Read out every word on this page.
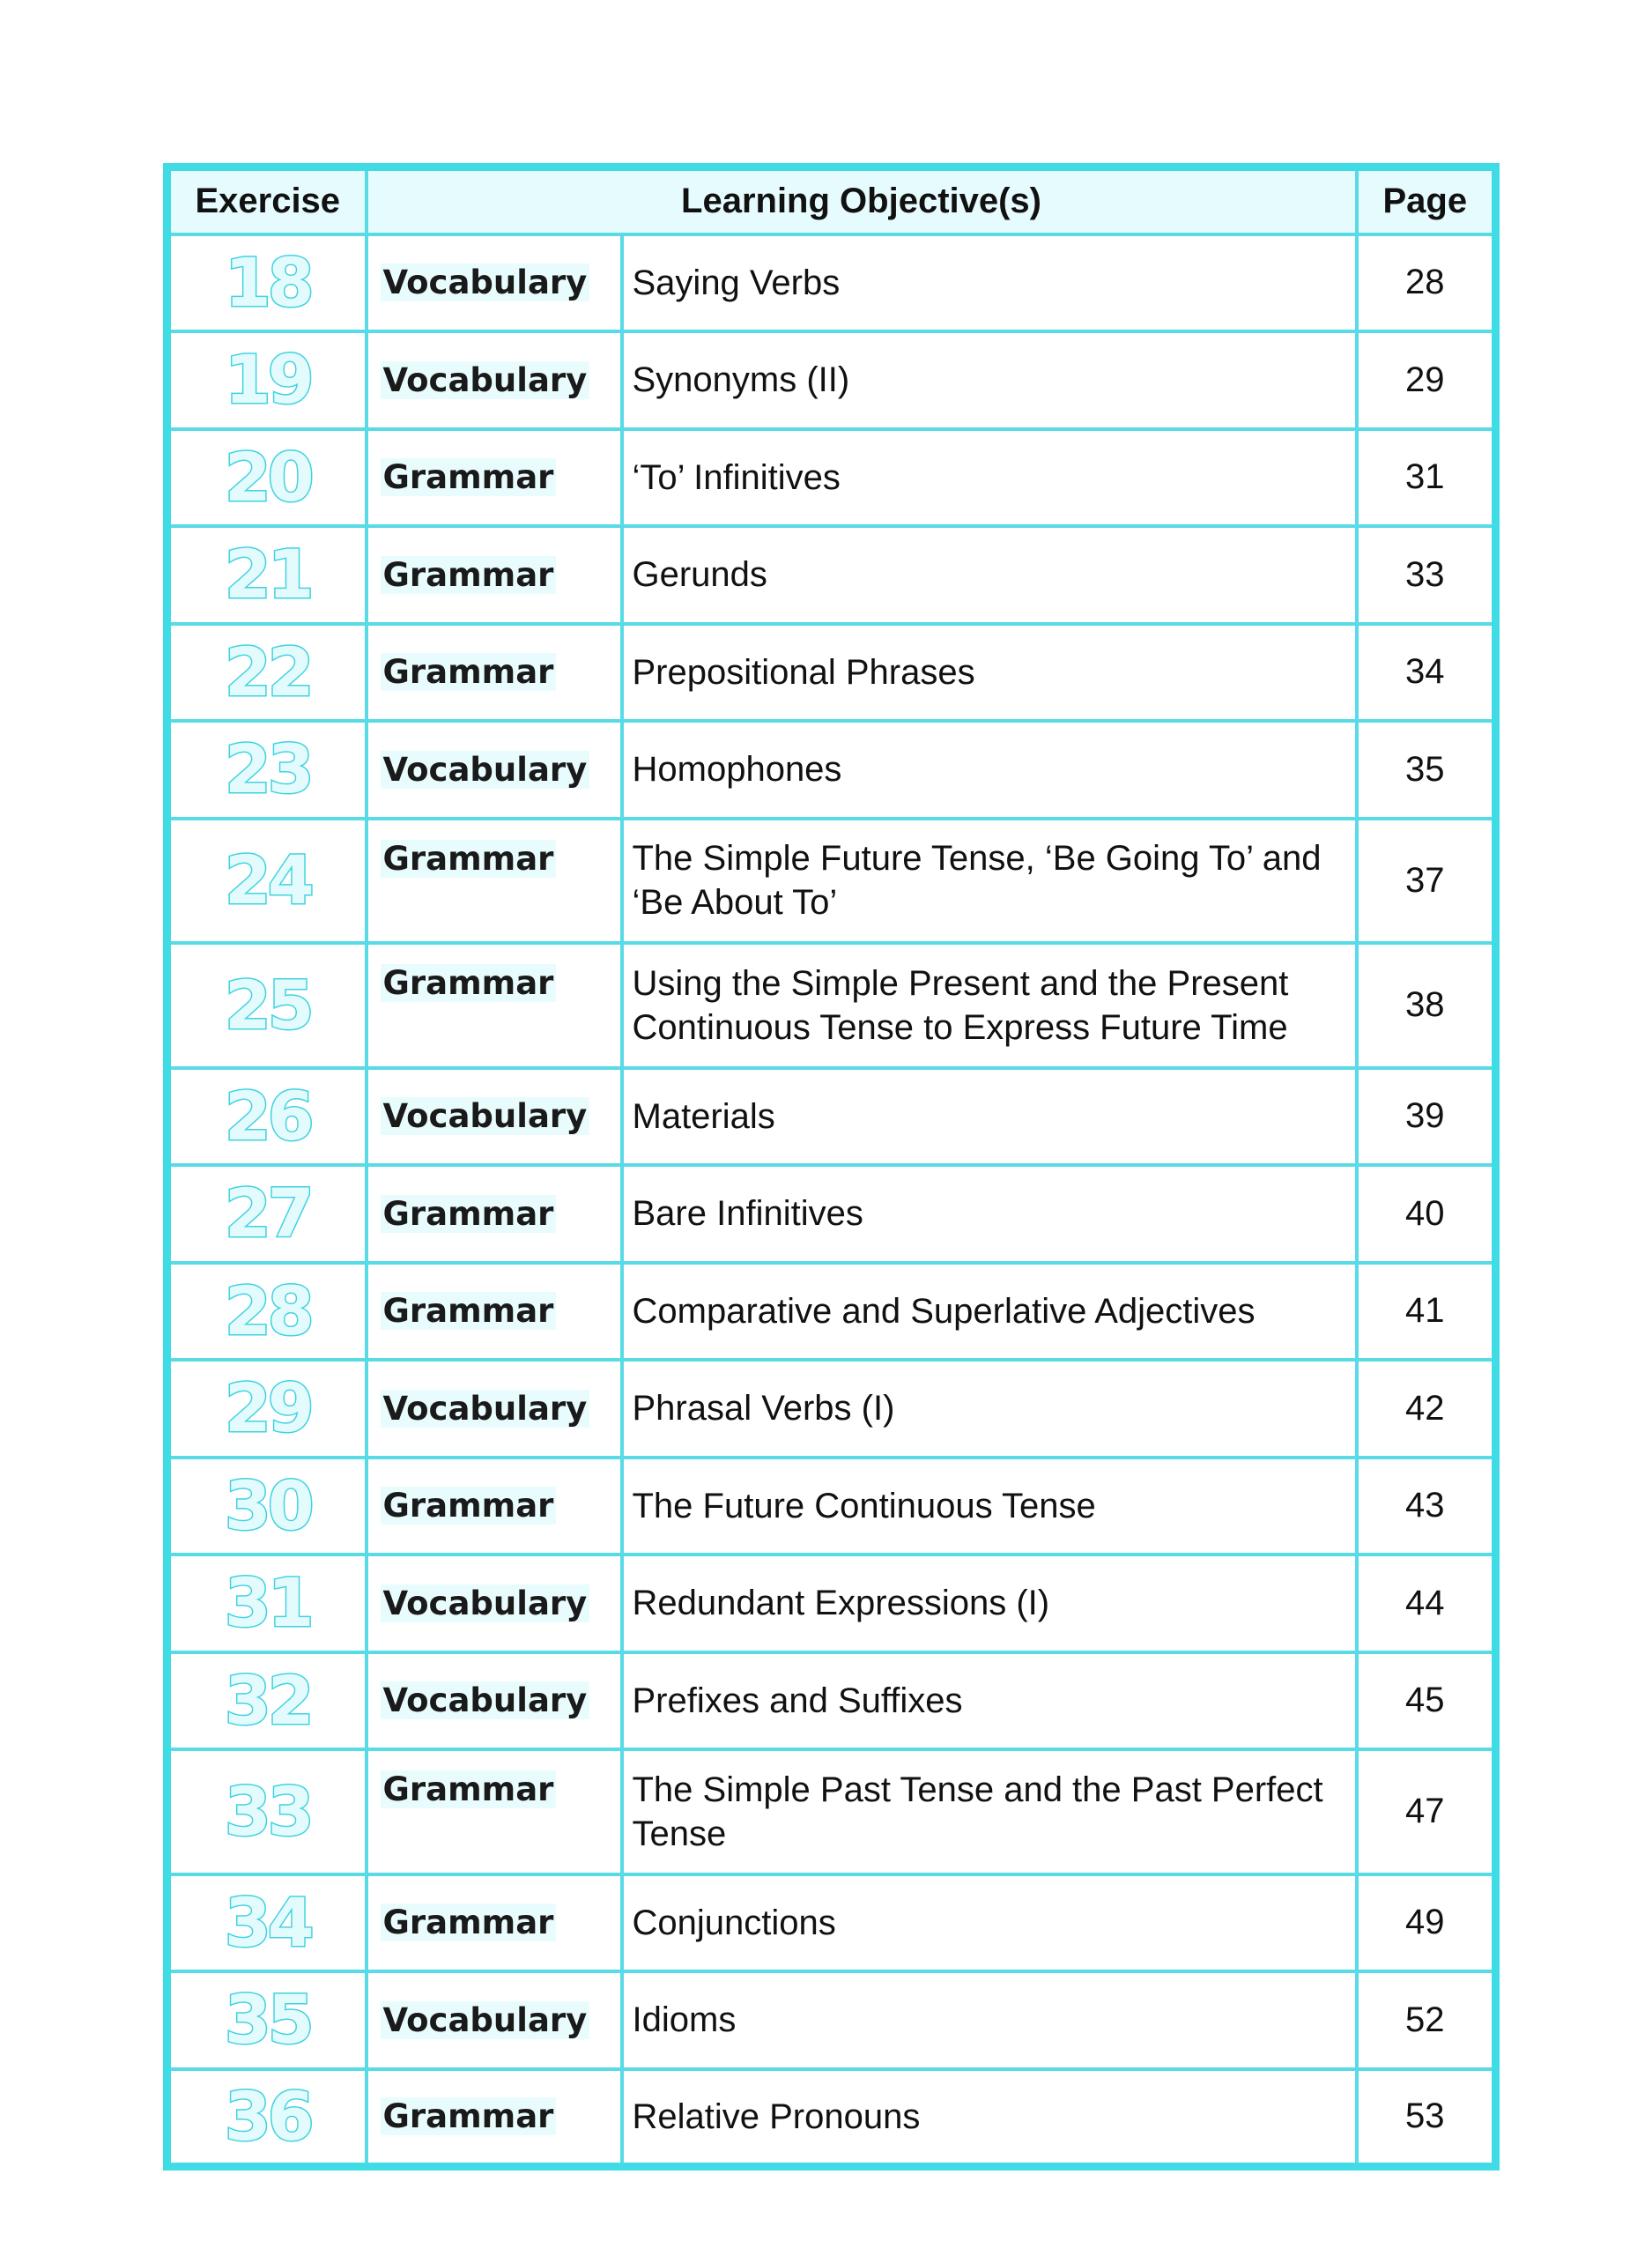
Exercise	Learning Objective(s)		Page
18	Vocabulary	Saying Verbs	28
19	Vocabulary	Synonyms (II)	29
20	Grammar	‘To’ Infinitives	31
21	Grammar	Gerunds	33
22	Grammar	Prepositional Phrases	34
23	Vocabulary	Homophones	35
24	Grammar	The Simple Future Tense, ‘Be Going To’ and ‘Be About To’	37
25	Grammar	Using the Simple Present and the Present Continuous Tense to Express Future Time	38
26	Vocabulary	Materials	39
27	Grammar	Bare Infinitives	40
28	Grammar	Comparative and Superlative Adjectives	41
29	Vocabulary	Phrasal Verbs (I)	42
30	Grammar	The Future Continuous Tense	43
31	Vocabulary	Redundant Expressions (I)	44
32	Vocabulary	Prefixes and Suffixes	45
33	Grammar	The Simple Past Tense and the Past Perfect Tense	47
34	Grammar	Conjunctions	49
35	Vocabulary	Idioms	52
36	Grammar	Relative Pronouns	53
